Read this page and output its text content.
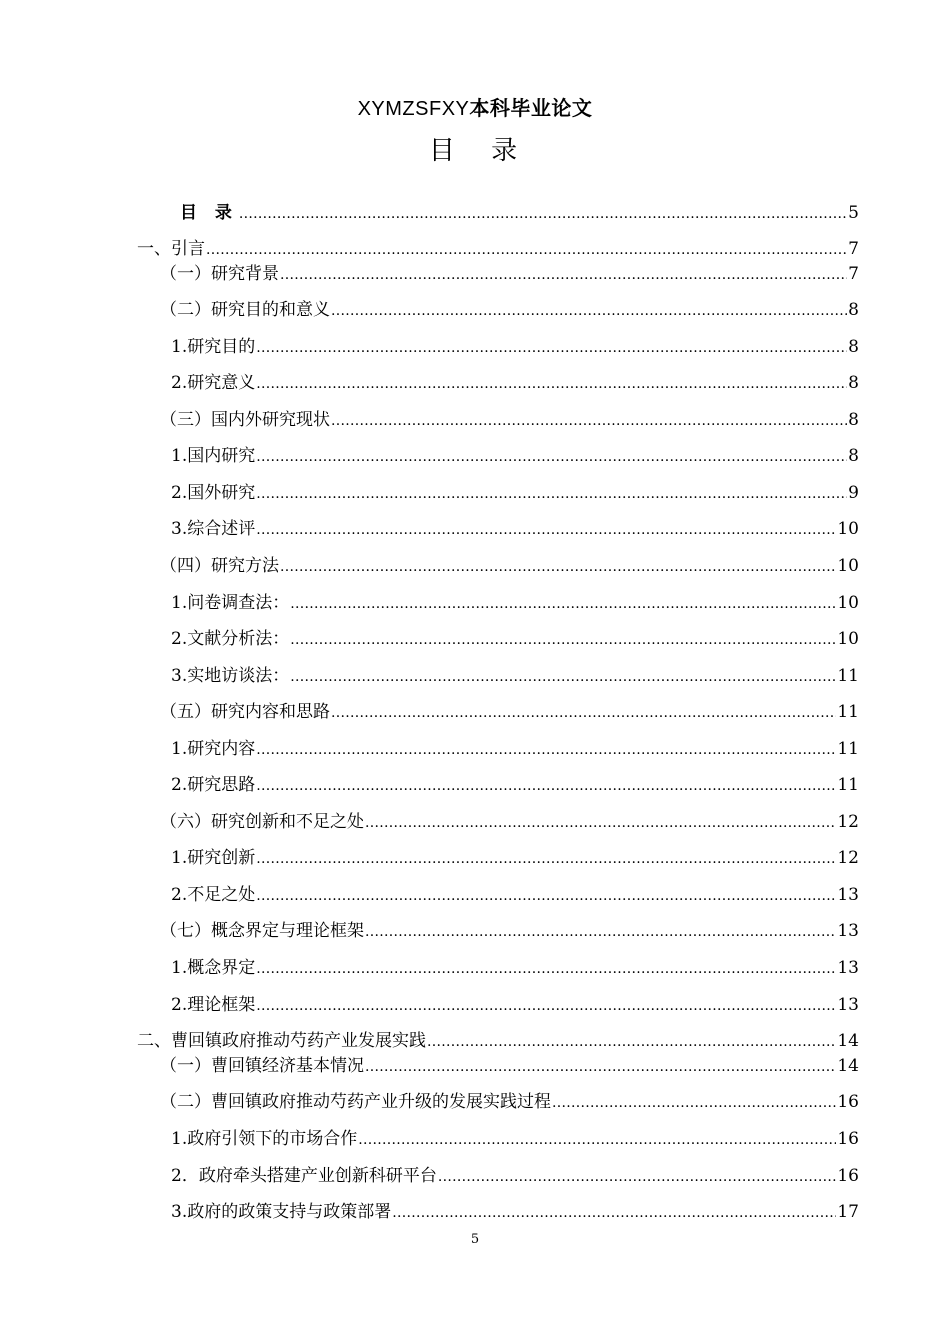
XYMZSFXY本科毕业论文
目 录
目 录 .....	5
一、引言 .....	7
（一）研究背景 .....	7
（二）研究目的和意义 .....	8
1.研究目的 .....	8
2.研究意义 .....	8
（三）国内外研究现状 .....	8
1.国内研究 .....	8
2.国外研究 .....	9
3.综合述评 .....	10
（四）研究方法 .....	10
1.问卷调查法： .....	10
2.文献分析法： .....	10
3.实地访谈法： .....	11
（五）研究内容和思路 .....	11
1.研究内容 .....	11
2.研究思路 .....	11
（六）研究创新和不足之处 .....	12
1.研究创新 .....	12
2.不足之处 .....	13
（七）概念界定与理论框架 .....	13
1.概念界定 .....	13
2.理论框架 .....	13
二、曹回镇政府推动芍药产业发展实践 .....	14
（一）曹回镇经济基本情况 .....	14
（二）曹回镇政府推动芍药产业升级的发展实践过程 .....	16
1.政府引领下的市场合作 .....	16
2．政府牵头搭建产业创新科研平台 .....	16
3.政府的政策支持与政策部署 .....	17
5
